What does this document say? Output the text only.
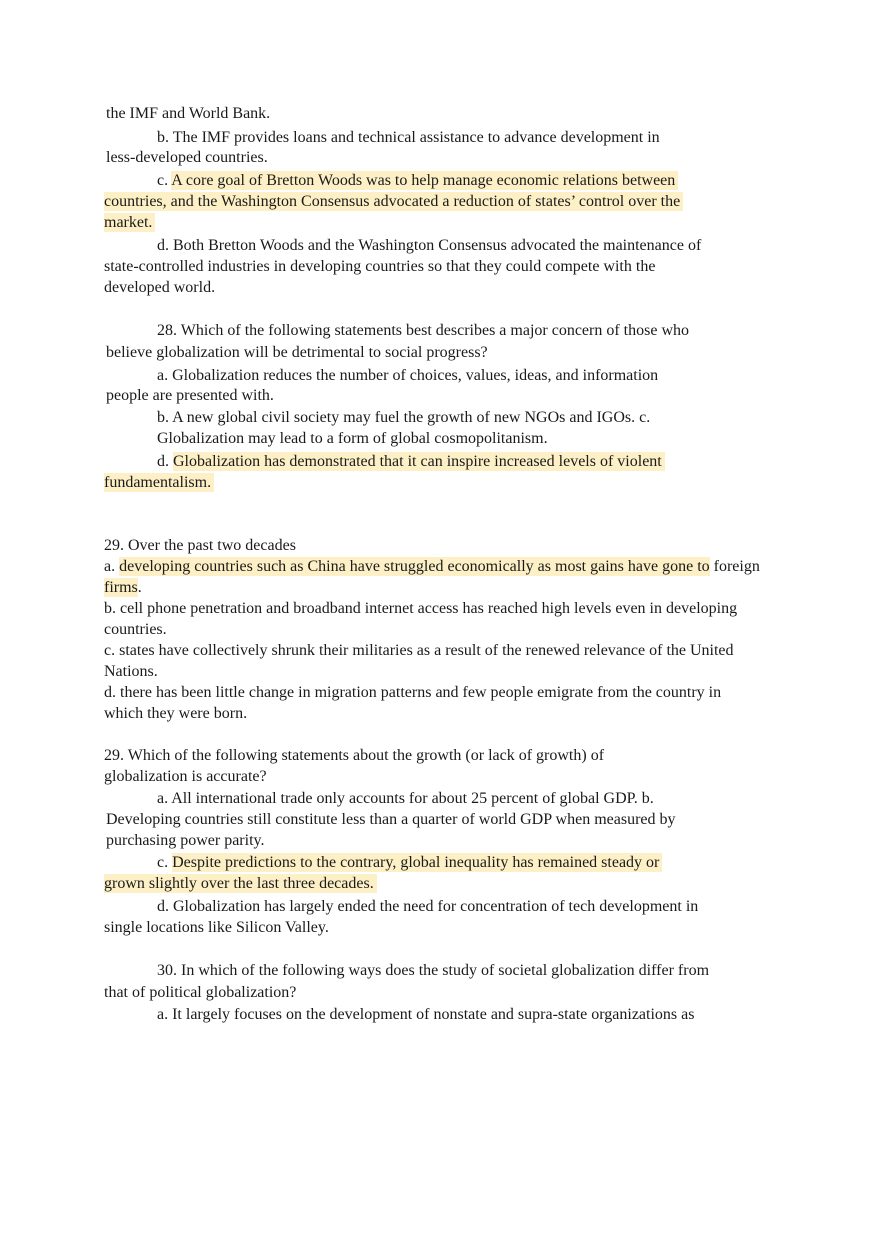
the IMF and World Bank.
b. The IMF provides loans and technical assistance to advance development in
less-developed countries.
c. A core goal of Bretton Woods was to help manage economic relations between
countries, and the Washington Consensus advocated a reduction of states’ control over the
market.
d. Both Bretton Woods and the Washington Consensus advocated the maintenance of
state-controlled industries in developing countries so that they could compete with the
developed world.
28. Which of the following statements best describes a major concern of those who
believe globalization will be detrimental to social progress?
a. Globalization reduces the number of choices, values, ideas, and information
people are presented with.
b. A new global civil society may fuel the growth of new NGOs and IGOs. c.
Globalization may lead to a form of global cosmopolitanism.
d. Globalization has demonstrated that it can inspire increased levels of violent
fundamentalism.
29. Over the past two decades
a. developing countries such as China have struggled economically as most gains have gone to foreign
firms.
b. cell phone penetration and broadband internet access has reached high levels even in developing
countries.
c. states have collectively shrunk their militaries as a result of the renewed relevance of the United
Nations.
d. there has been little change in migration patterns and few people emigrate from the country in
which they were born.
29. Which of the following statements about the growth (or lack of growth) of
globalization is accurate?
a. All international trade only accounts for about 25 percent of global GDP. b.
Developing countries still constitute less than a quarter of world GDP when measured by
purchasing power parity.
c. Despite predictions to the contrary, global inequality has remained steady or
grown slightly over the last three decades.
d. Globalization has largely ended the need for concentration of tech development in
single locations like Silicon Valley.
30. In which of the following ways does the study of societal globalization differ from
that of political globalization?
a. It largely focuses on the development of nonstate and supra-state organizations as
